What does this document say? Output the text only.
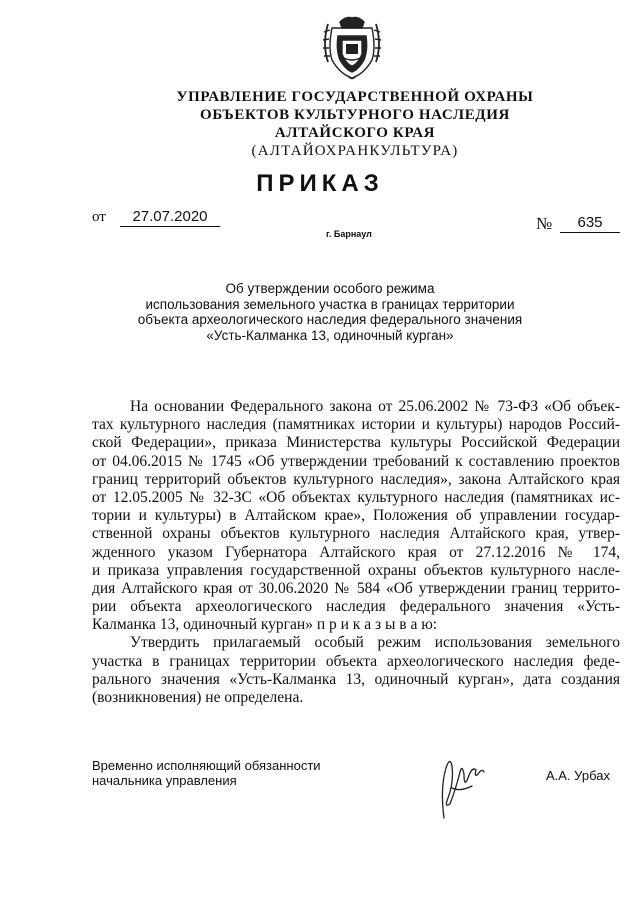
УПРАВЛЕНИЕ ГОСУДАРСТВЕННОЙ ОХРАНЫ
ОБЪЕКТОВ КУЛЬТУРНОГО НАСЛЕДИЯ
АЛТАЙСКОГО КРАЯ
(АЛТАЙОХРАНКУЛЬТУРА)
ПРИКАЗ
от	27.07.2020
г. Барнаул
№	635
Об утверждении особого режима
использования земельного участка в границах территории
объекта археологического наследия федерального значения
«Усть-Калманка 13, одиночный курган»
На основании Федерального закона от 25.06.2002 № 73-ФЗ «Об объек-
тах культурного наследия (памятниках истории и культуры) народов Россий-
ской Федерации», приказа Министерства культуры Российской Федерации
от 04.06.2015 № 1745 «Об утверждении требований к составлению проектов
границ территорий объектов культурного наследия», закона Алтайского края
от 12.05.2005 № 32-ЗС «Об объектах культурного наследия (памятниках ис-
тории и культуры) в Алтайском крае», Положения об управлении государ-
ственной охраны объектов культурного наследия Алтайского края, утвер-
жденного указом Губернатора Алтайского края от 27.12.2016 № 174,
и приказа управления государственной охраны объектов культурного насле-
дия Алтайского края от 30.06.2020 № 584 «Об утверждении границ террито-
рии объекта археологического наследия федерального значения «Усть-
Калманка 13, одиночный курган» п р и к а з ы в а ю:
Утвердить прилагаемый особый режим использования земельного
участка в границах территории объекта археологического наследия феде-
рального значения «Усть-Калманка 13, одиночный курган», дата создания
(возникновения) не определена.
Временно исполняющий обязанности
начальника управления	А.А. Урбах
